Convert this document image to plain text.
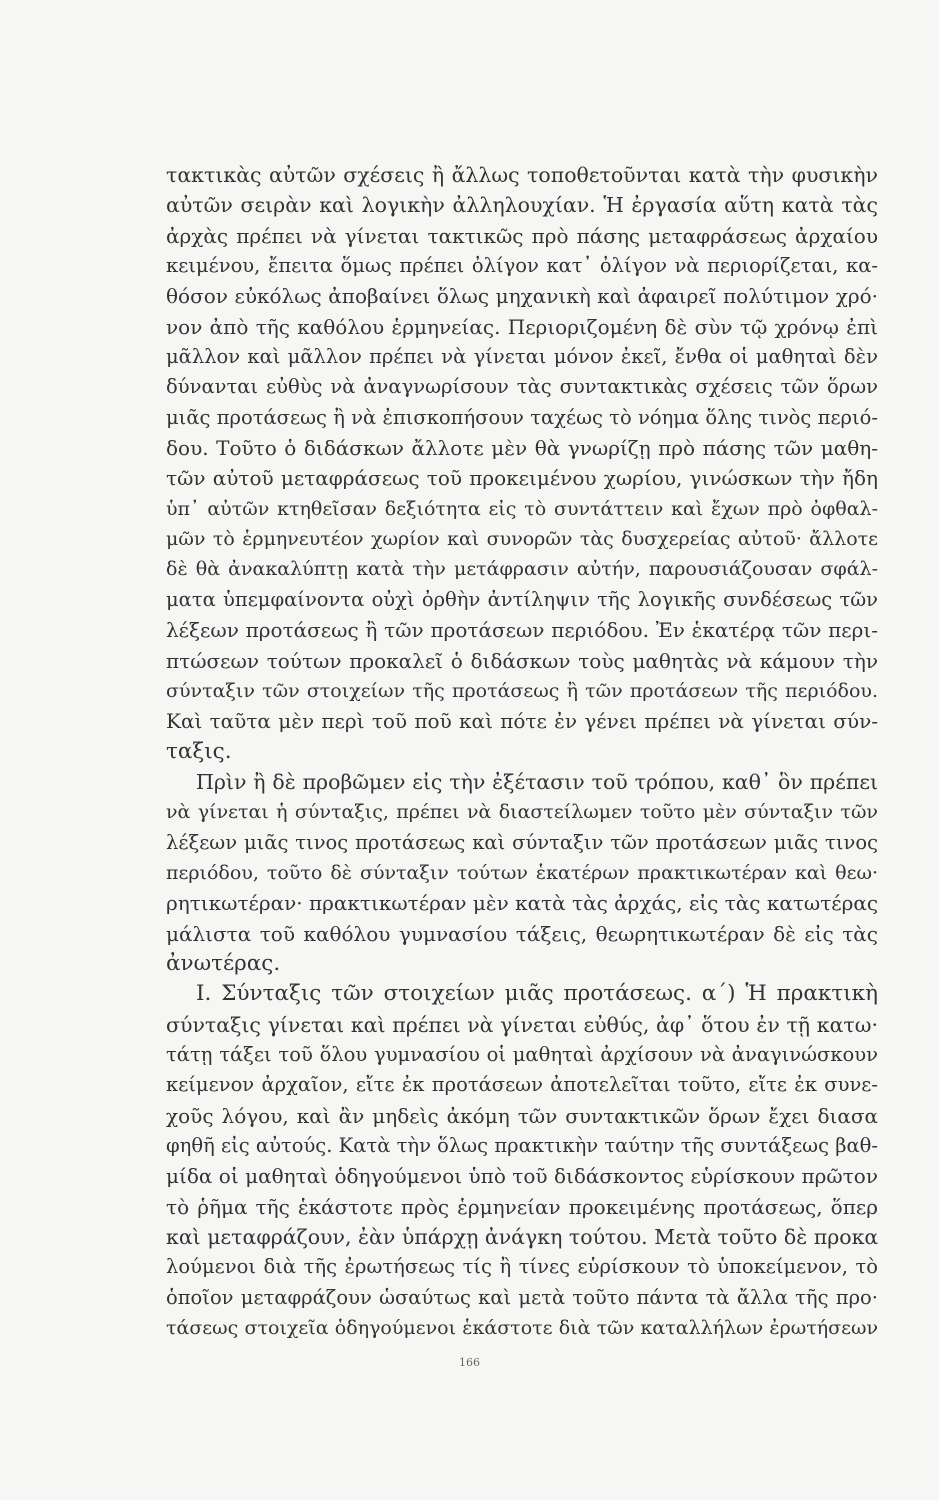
τακτικὰς αὐτῶν σχέσεις ἢ ἄλλως τοποθετοῦνται κατὰ τὴν φυσικὴν
αὐτῶν σειρὰν καὶ λογικὴν ἀλληλουχίαν. Ἡ ἐργασία αὕτη κατὰ τὰς
ἀρχὰς πρέπει νὰ γίνεται τακτικῶς πρὸ πάσης μεταφράσεως ἀρχαίου
κειμένου, ἔπειτα ὅμως πρέπει ὀλίγον κατ᾽ ὀλίγον νὰ περιορίζεται, κα-
θόσον εὐκόλως ἀποβαίνει ὅλως μηχανικὴ καὶ ἀφαιρεῖ πολύτιμον χρό·
νον ἀπὸ τῆς καθόλου ἑρμηνείας. Περιοριζομένη δὲ σὺν τῷ χρόνῳ ἐπὶ
μᾶλλον καὶ μᾶλλον πρέπει νὰ γίνεται μόνον ἐκεῖ, ἔνθα οἱ μαθηταὶ δὲν
δύνανται εὐθὺς νὰ ἀναγνωρίσουν τὰς συντακτικὰς σχέσεις τῶν ὅρων
μιᾶς προτάσεως ἢ νὰ ἐπισκοπήσουν ταχέως τὸ νόημα ὅλης τινὸς περιό-
δου. Τοῦτο ὁ διδάσκων ἄλλοτε μὲν θὰ γνωρίζῃ πρὸ πάσης τῶν μαθη-
τῶν αὐτοῦ μεταφράσεως τοῦ προκειμένου χωρίου, γινώσκων τὴν ἤδη
ὑπ᾽ αὐτῶν κτηθεῖσαν δεξιότητα εἰς τὸ συντάττειν καὶ ἔχων πρὸ ὀφθαλ-
μῶν τὸ ἑρμηνευτέον χωρίον καὶ συνορῶν τὰς δυσχερείας αὐτοῦ· ἄλλοτε
δὲ θὰ ἀνακαλύπτῃ κατὰ τὴν μετάφρασιν αὐτήν, παρουσιάζουσαν σφάλ-
ματα ὑπεμφαίνοντα οὐχὶ ὀρθὴν ἀντίληψιν τῆς λογικῆς συνδέσεως τῶν
λέξεων προτάσεως ἢ τῶν προτάσεων περιόδου. Ἐν ἑκατέρᾳ τῶν περι-
πτώσεων τούτων προκαλεῖ ὁ διδάσκων τοὺς μαθητὰς νὰ κάμουν τὴν
σύνταξιν τῶν στοιχείων τῆς προτάσεως ἢ τῶν προτάσεων τῆς περιόδου.
Καὶ ταῦτα μὲν περὶ τοῦ ποῦ καὶ πότε ἐν γένει πρέπει νὰ γίνεται σύν-
ταξις.
Πρὶν ἢ δὲ προβῶμεν εἰς τὴν ἐξέτασιν τοῦ τρόπου, καθ᾽ ὃν πρέπει
νὰ γίνεται ἡ σύνταξις, πρέπει νὰ διαστείλωμεν τοῦτο μὲν σύνταξιν τῶν
λέξεων μιᾶς τινος προτάσεως καὶ σύνταξιν τῶν προτάσεων μιᾶς τινος
περιόδου, τοῦτο δὲ σύνταξιν τούτων ἑκατέρων πρακτικωτέραν καὶ θεω·
ρητικωτέραν· πρακτικωτέραν μὲν κατὰ τὰς ἀρχάς, εἰς τὰς κατωτέρας
μάλιστα τοῦ καθόλου γυμνασίου τάξεις, θεωρητικωτέραν δὲ εἰς τὰς
ἀνωτέρας.
I. Σύνταξις τῶν στοιχείων μιᾶς προτάσεως. α΄) Ἡ πρακτικὴ
σύνταξις γίνεται καὶ πρέπει νὰ γίνεται εὐθύς, ἀφ᾽ ὅτου ἐν τῇ κατω·
τάτῃ τάξει τοῦ ὅλου γυμνασίου οἱ μαθηταὶ ἀρχίσουν νὰ ἀναγινώσκουν
κείμενον ἀρχαῖον, εἴτε ἐκ προτάσεων ἀποτελεῖται τοῦτο, εἴτε ἐκ συνε-
χοῦς λόγου, καὶ ἂν μηδεὶς ἀκόμη τῶν συντακτικῶν ὅρων ἔχει διασα
φηθῆ εἰς αὐτούς. Κατὰ τὴν ὅλως πρακτικὴν ταύτην τῆς συντάξεως βαθ-
μίδα οἱ μαθηταὶ ὁδηγούμενοι ὑπὸ τοῦ διδάσκοντος εὑρίσκουν πρῶτον
τὸ ῥῆμα τῆς ἑκάστοτε πρὸς ἑρμηνείαν προκειμένης προτάσεως, ὅπερ
καὶ μεταφράζουν, ἐὰν ὑπάρχῃ ἀνάγκη τούτου. Μετὰ τοῦτο δὲ προκα
λούμενοι διὰ τῆς ἐρωτήσεως τίς ἢ τίνες εὑρίσκουν τὸ ὑποκείμενον, τὸ
ὁποῖον μεταφράζουν ὡσαύτως καὶ μετὰ τοῦτο πάντα τὰ ἄλλα τῆς προ·
τάσεως στοιχεῖα ὁδηγούμενοι ἑκάστοτε διὰ τῶν καταλλήλων ἐρωτήσεων
166
